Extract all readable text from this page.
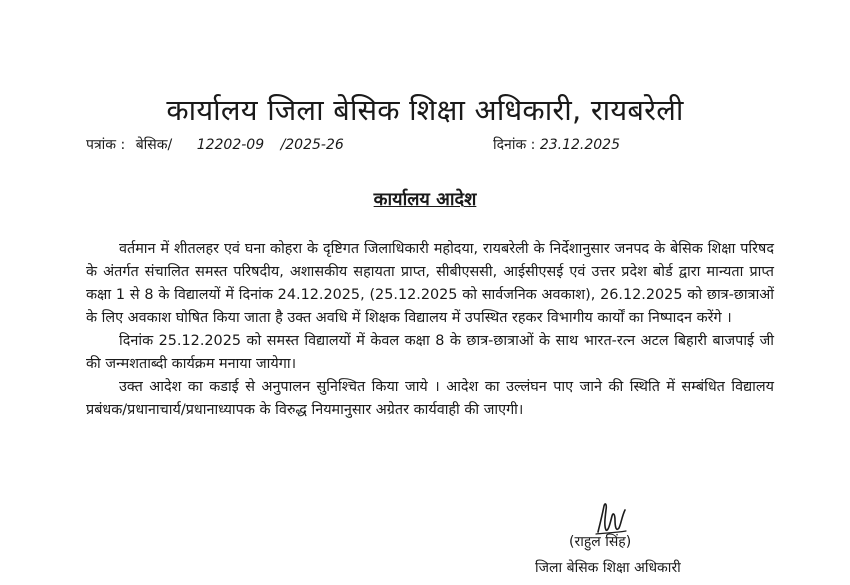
कार्यालय जिला बेसिक शिक्षा अधिकारी, रायबरेली
पत्रांक : बेसिक/ 12202-09 /2025-26	दिनांक : 23.12.2025
कार्यालय आदेश

वर्तमान में शीतलहर एवं घना कोहरा के दृष्टिगत जिलाधिकारी महोदया, रायबरेली के निर्देशानुसार जनपद के बेसिक शिक्षा परिषद के अंतर्गत संचालित समस्त परिषदीय, अशासकीय सहायता प्राप्त, सीबीएससी, आईसीएसई एवं उत्तर प्रदेश बोर्ड द्वारा मान्यता प्राप्त कक्षा 1 से 8 के विद्यालयों में दिनांक 24.12.2025, (25.12.2025 को सार्वजनिक अवकाश), 26.12.2025 को छात्र-छात्राओं के लिए अवकाश घोषित किया जाता है उक्त अवधि में शिक्षक विद्यालय में उपस्थित रहकर विभागीय कार्यों का निष्पादन करेंगे ।

दिनांक 25.12.2025 को समस्त विद्यालयों में केवल कक्षा 8 के छात्र-छात्राओं के साथ भारत-रत्न अटल बिहारी बाजपाई जी की जन्मशताब्दी कार्यक्रम मनाया जायेगा।

उक्त आदेश का कडाई से अनुपालन सुनिश्चित किया जाये । आदेश का उल्लंघन पाए जाने की स्थिति में सम्बंधित विद्यालय प्रबंधक/प्रधानाचार्य/प्रधानाध्यापक के विरुद्ध नियमानुसार अग्रेतर कार्यवाही की जाएगी।

(राहुल सिंह)
जिला बेसिक शिक्षा अधिकारी
